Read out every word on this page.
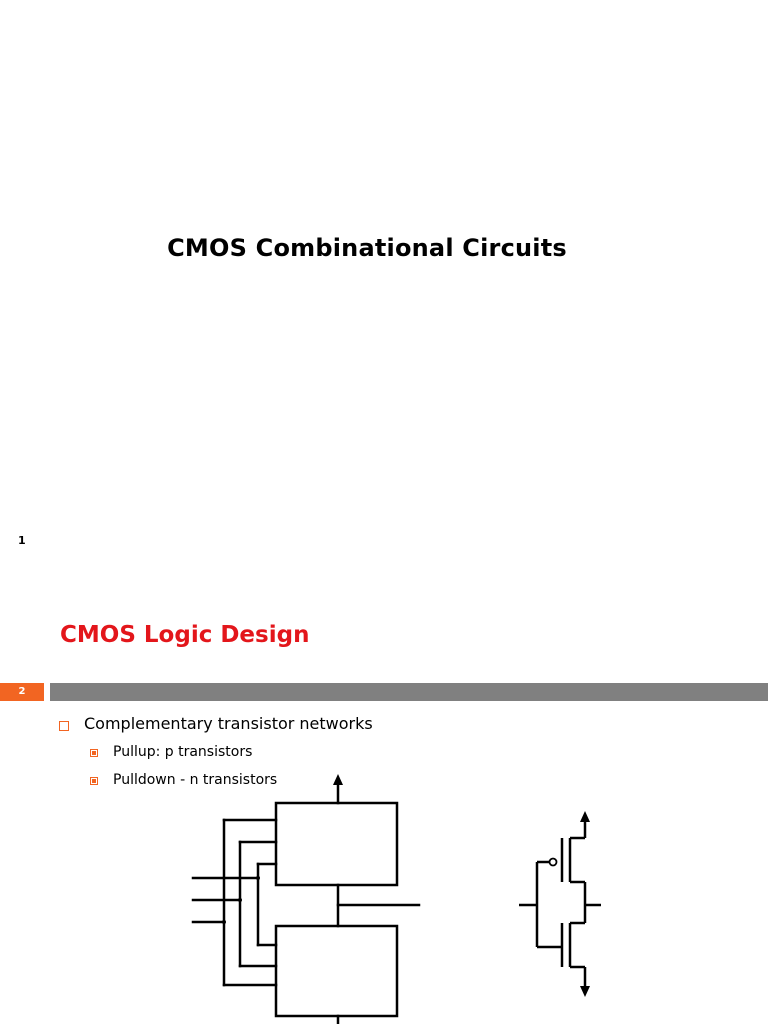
CMOS Combinational Circuits
1
CMOS Logic Design
2
Complementary transistor networks
Pullup: p transistors
Pulldown - n transistors
